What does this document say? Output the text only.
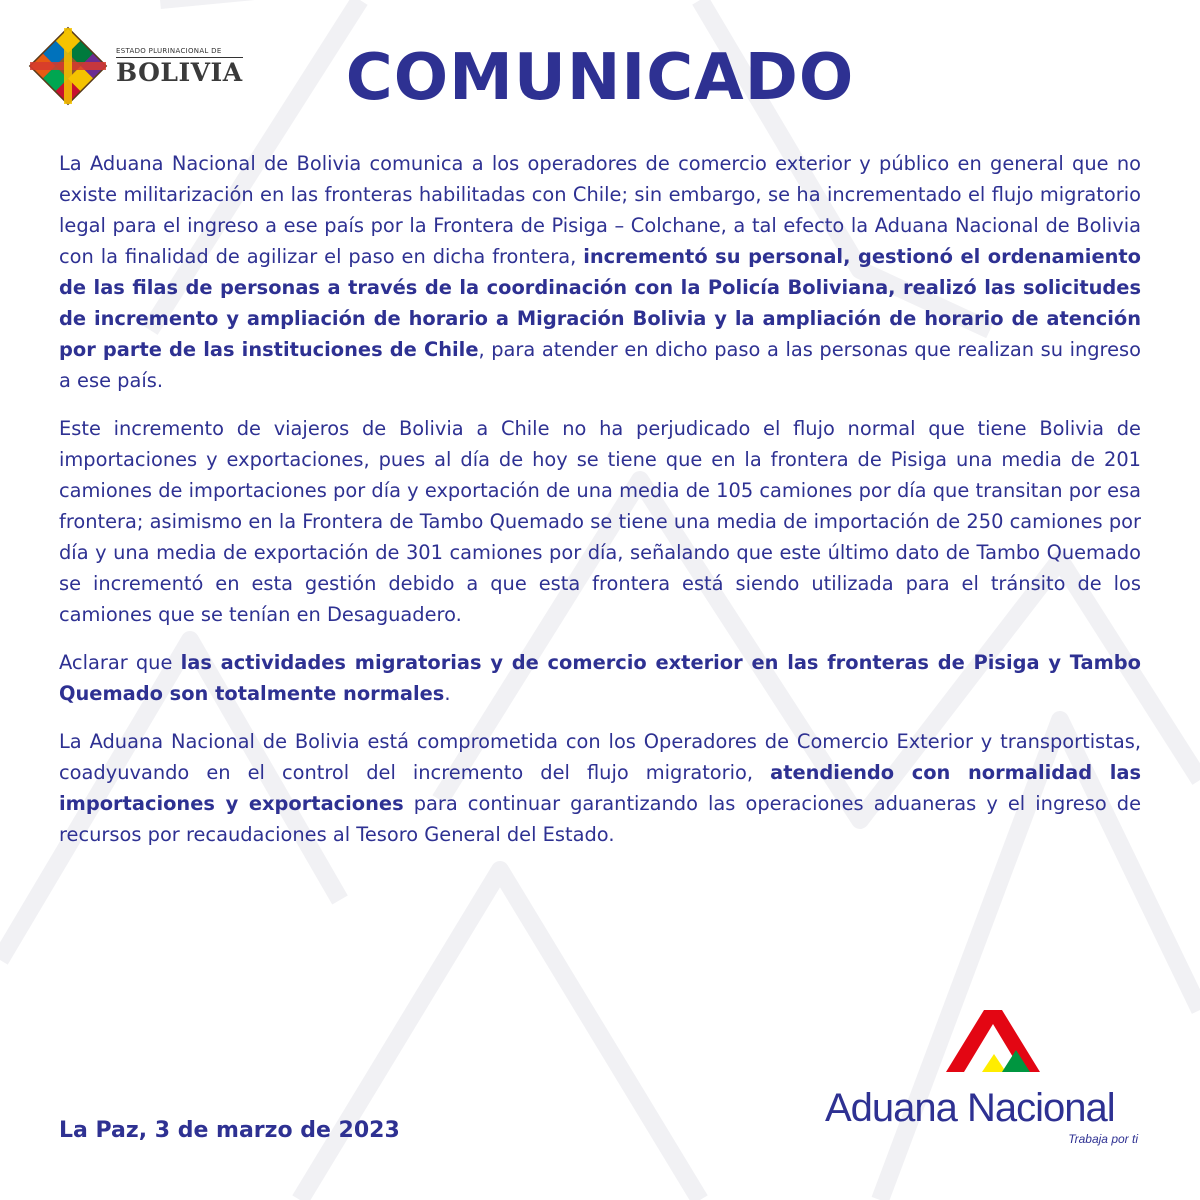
ESTADO PLURINACIONAL DE
BOLIVIA	COMUNICADO

La Aduana Nacional de Bolivia comunica a los operadores de comercio exterior y público en general que no existe militarización en las fronteras habilitadas con Chile; sin embargo, se ha incrementado el flujo migratorio legal para el ingreso a ese país por la Frontera de Pisiga – Colchane, a tal efecto la Aduana Nacional de Bolivia con la finalidad de agilizar el paso en dicha frontera, incrementó su personal, gestionó el ordenamiento de las filas de personas a través de la coordinación con la Policía Boliviana, realizó las solicitudes de incremento y ampliación de horario a Migración Bolivia y la ampliación de horario de atención por parte de las instituciones de Chile, para atender en dicho paso a las personas que realizan su ingreso a ese país.

Este incremento de viajeros de Bolivia a Chile no ha perjudicado el flujo normal que tiene Bolivia de importaciones y exportaciones, pues al día de hoy se tiene que en la frontera de Pisiga una media de 201 camiones de importaciones por día y exportación de una media de 105 camiones por día que transitan por esa frontera; asimismo en la Frontera de Tambo Quemado se tiene una media de importación de 250 camiones por día y una media de exportación de 301 camiones por día, señalando que este último dato de Tambo Quemado se incrementó en esta gestión debido a que esta frontera está siendo utilizada para el tránsito de los camiones que se tenían en Desaguadero.

Aclarar que las actividades migratorias y de comercio exterior en las fronteras de Pisiga y Tambo Quemado son totalmente normales.

La Aduana Nacional de Bolivia está comprometida con los Operadores de Comercio Exterior y transportistas, coadyuvando en el control del incremento del flujo migratorio, atendiendo con normalidad las importaciones y exportaciones para continuar garantizando las operaciones aduaneras y el ingreso de recursos por recaudaciones al Tesoro General del Estado.

La Paz, 3 de marzo de 2023
Aduana Nacional
Trabaja por ti
